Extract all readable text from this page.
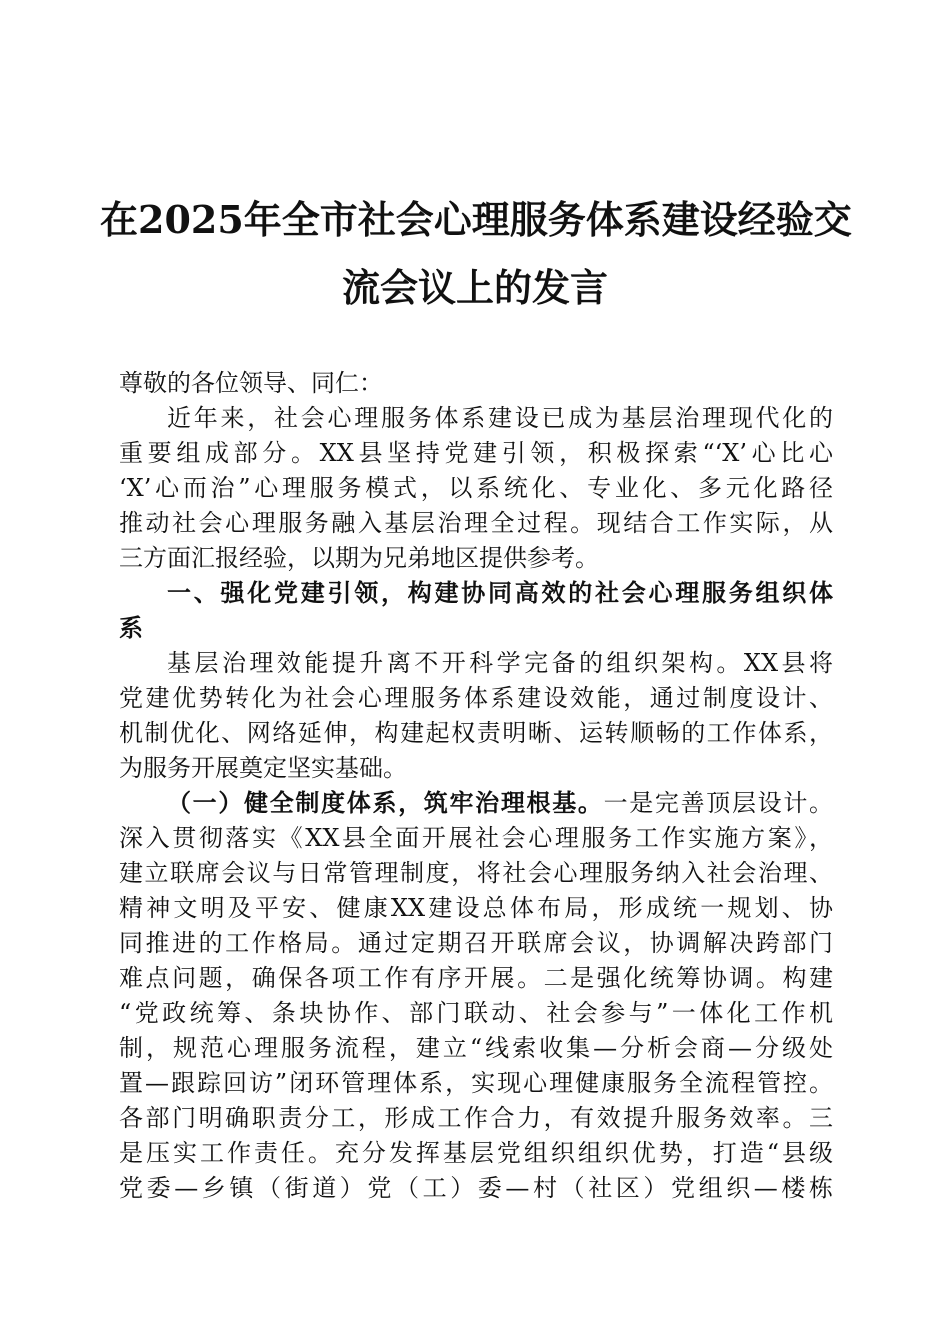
在2025年全市社会心理服务体系建设经验交
流会议上的发言

尊敬的各位领导、同仁：

近年来，社会心理服务体系建设已成为基层治理现代化的

重要组成部分。XX县坚持党建引领，积极探索“‘X’心比心

‘X’心而治”心理服务模式，以系统化、专业化、多元化路径

推动社会心理服务融入基层治理全过程。现结合工作实际，从

三方面汇报经验，以期为兄弟地区提供参考。

一、强化党建引领，构建协同高效的社会心理服务组织体

系

基层治理效能提升离不开科学完备的组织架构。XX县将

党建优势转化为社会心理服务体系建设效能，通过制度设计、

机制优化、网络延伸，构建起权责明晰、运转顺畅的工作体系，

为服务开展奠定坚实基础。

（一）健全制度体系，筑牢治理根基。一是完善顶层设计。

深入贯彻落实《XX县全面开展社会心理服务工作实施方案》，

建立联席会议与日常管理制度，将社会心理服务纳入社会治理、

精神文明及平安、健康XX建设总体布局，形成统一规划、协

同推进的工作格局。通过定期召开联席会议，协调解决跨部门

难点问题，确保各项工作有序开展。二是强化统筹协调。构建

“党政统筹、条块协作、部门联动、社会参与”一体化工作机

制，规范心理服务流程，建立“线索收集—分析会商—分级处

置—跟踪回访”闭环管理体系，实现心理健康服务全流程管控。

各部门明确职责分工，形成工作合力，有效提升服务效率。三

是压实工作责任。充分发挥基层党组织组织优势，打造“县级

党委—乡镇（街道）党（工）委—村（社区）党组织—楼栋
